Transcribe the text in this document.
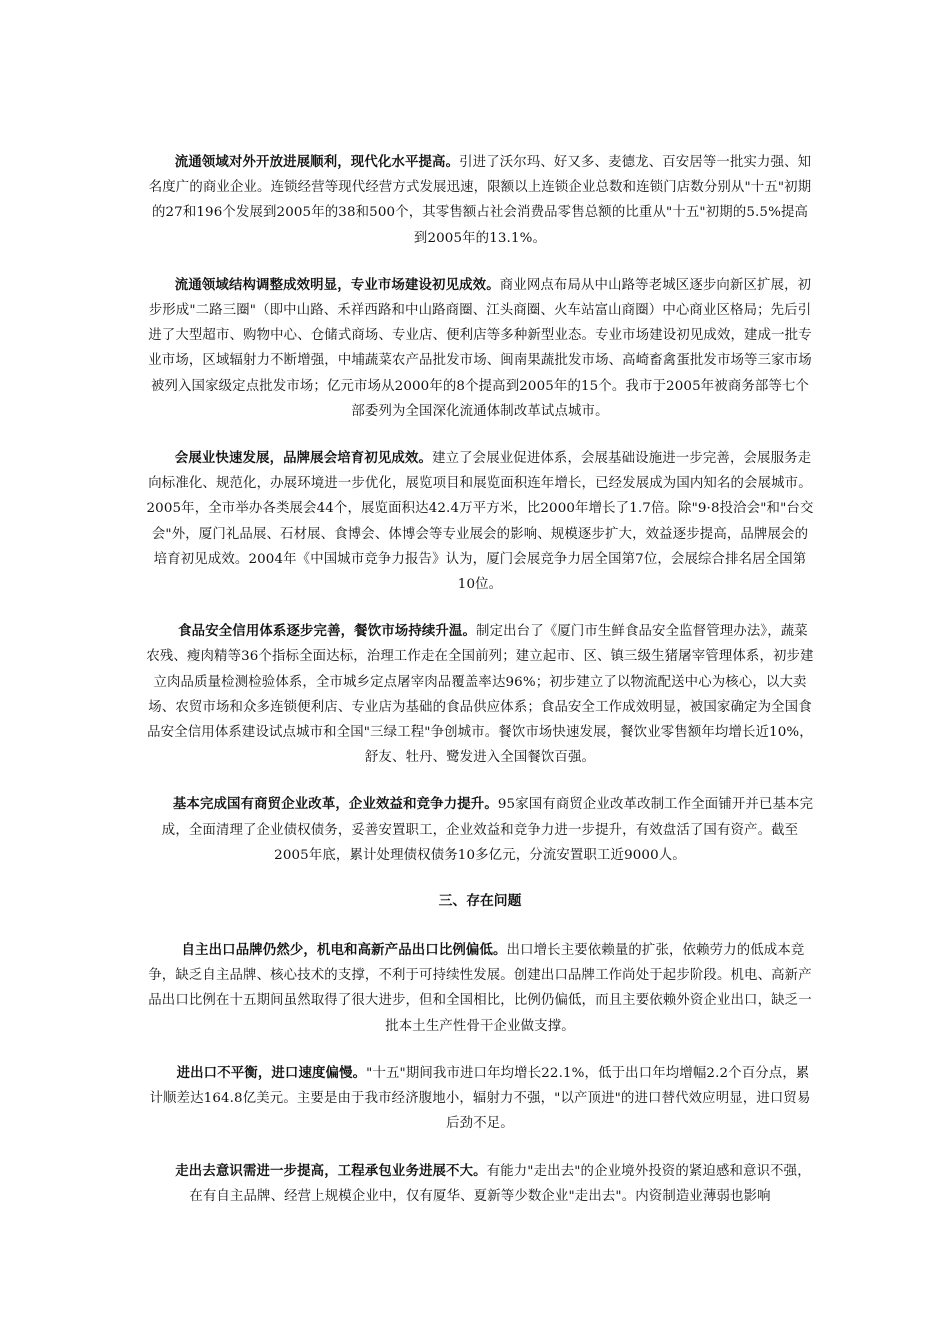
流通领域对外开放进展顺利，现代化水平提高。引进了沃尔玛、好又多、麦德龙、百安居等一批实力强、知名度广的商业企业。连锁经营等现代经营方式发展迅速，限额以上连锁企业总数和连锁门店数分别从"十五"初期的27和196个发展到2005年的38和500个，其零售额占社会消费品零售总额的比重从"十五"初期的5.5%提高到2005年的13.1%。

流通领域结构调整成效明显，专业市场建设初见成效。商业网点布局从中山路等老城区逐步向新区扩展，初步形成"二路三圈"（即中山路、禾祥西路和中山路商圈、江头商圈、火车站富山商圈）中心商业区格局；先后引进了大型超市、购物中心、仓储式商场、专业店、便利店等多种新型业态。专业市场建设初见成效，建成一批专业市场，区域辐射力不断增强，中埔蔬菜农产品批发市场、闽南果蔬批发市场、高崎畜禽蛋批发市场等三家市场被列入国家级定点批发市场；亿元市场从2000年的8个提高到2005年的15个。我市于2005年被商务部等七个部委列为全国深化流通体制改革试点城市。

会展业快速发展，品牌展会培育初见成效。建立了会展业促进体系，会展基础设施进一步完善，会展服务走向标准化、规范化，办展环境进一步优化，展览项目和展览面积连年增长，已经发展成为国内知名的会展城市。2005年，全市举办各类展会44个，展览面积达42.4万平方米，比2000年增长了1.7倍。除"9·8投洽会"和"台交会"外，厦门礼品展、石材展、食博会、体博会等专业展会的影响、规模逐步扩大，效益逐步提高，品牌展会的培育初见成效。2004年《中国城市竞争力报告》认为，厦门会展竞争力居全国第7位，会展综合排名居全国第10位。

食品安全信用体系逐步完善，餐饮市场持续升温。制定出台了《厦门市生鲜食品安全监督管理办法》，蔬菜农残、瘦肉精等36个指标全面达标，治理工作走在全国前列；建立起市、区、镇三级生猪屠宰管理体系，初步建立肉品质量检测检验体系，全市城乡定点屠宰肉品覆盖率达96%；初步建立了以物流配送中心为核心，以大卖场、农贸市场和众多连锁便利店、专业店为基础的食品供应体系；食品安全工作成效明显，被国家确定为全国食品安全信用体系建设试点城市和全国"三绿工程"争创城市。餐饮市场快速发展，餐饮业零售额年均增长近10%，舒友、牡丹、鹭发进入全国餐饮百强。

基本完成国有商贸企业改革，企业效益和竞争力提升。95家国有商贸企业改革改制工作全面铺开并已基本完成，全面清理了企业债权债务，妥善安置职工，企业效益和竞争力进一步提升，有效盘活了国有资产。截至2005年底，累计处理债权债务10多亿元，分流安置职工近9000人。

三、存在问题

自主出口品牌仍然少，机电和高新产品出口比例偏低。出口增长主要依赖量的扩张，依赖劳力的低成本竞争，缺乏自主品牌、核心技术的支撑，不利于可持续性发展。创建出口品牌工作尚处于起步阶段。机电、高新产品出口比例在十五期间虽然取得了很大进步，但和全国相比，比例仍偏低，而且主要依赖外资企业出口，缺乏一批本土生产性骨干企业做支撑。

进出口不平衡，进口速度偏慢。"十五"期间我市进口年均增长22.1%，低于出口年均增幅2.2个百分点，累计顺差达164.8亿美元。主要是由于我市经济腹地小，辐射力不强，"以产顶进"的进口替代效应明显，进口贸易后劲不足。

走出去意识需进一步提高，工程承包业务进展不大。有能力"走出去"的企业境外投资的紧迫感和意识不强，在有自主品牌、经营上规模企业中，仅有厦华、夏新等少数企业"走出去"。内资制造业薄弱也影响
